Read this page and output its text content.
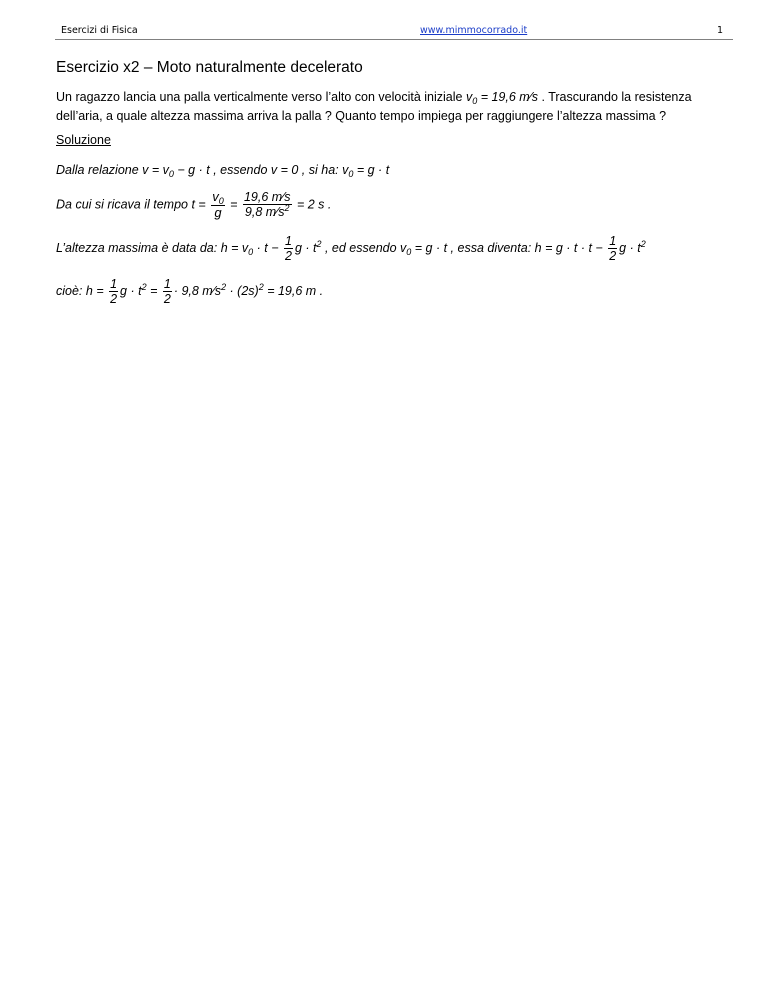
Esercizi di Fisica	www.mimmocorrado.it	1
Esercizio x2 – Moto naturalmente decelerato
Un ragazzo lancia una palla verticalmente verso l’alto con velocità iniziale $v_0 = 19,6$ m⁄s . Trascurando la resistenza dell’aria, a quale altezza massima arriva la palla ? Quanto tempo impiega per raggiungere l’altezza massima ?
Soluzione
Dalla relazione $v = v_0 - g \cdot t$ , essendo v = 0 , si ha: $v_0 = g \cdot t$
Da cui si ricava il tempo $t = \frac{v_0}{g} = \frac{19,6 m⁄s}{9,8 m⁄s^2} = 2$ s .
L’altezza massima è data da: $h = v_0 \cdot t - \frac{1}{2}$ $g \cdot t^2$ , ed essendo $v_0 = g \cdot t$ , essa diventa: $h = g \cdot t \cdot t - \frac{1}{2}$ $g \cdot t^2$
cioè: $h = \frac{1}{2}$ $g \cdot t^2 = \frac{1}{2} \cdot 9,8$ $m⁄s^2 \cdot (2s)^2 = 19,6$ m .
